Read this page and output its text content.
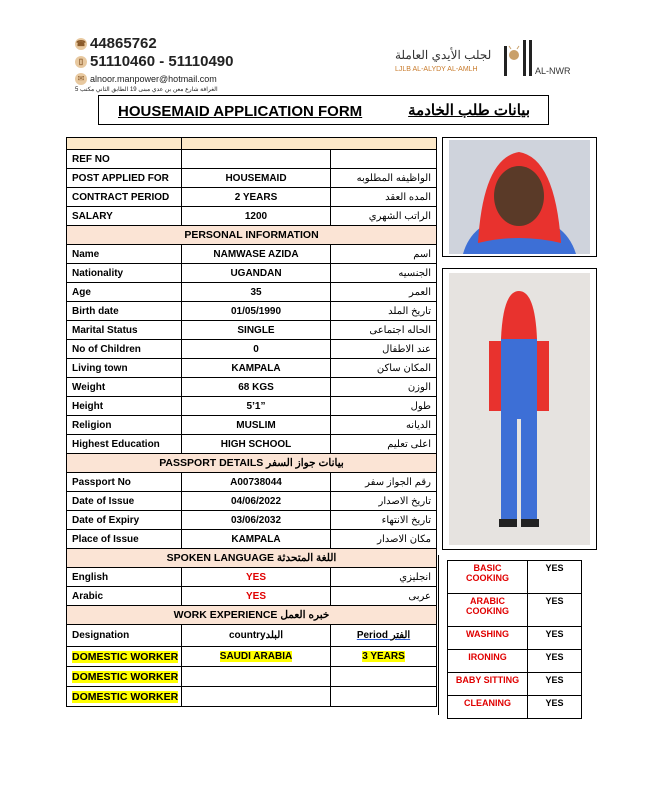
☎ 44865762
▯ 51110460 - 51110490
✉ alnoor.manpower@hotmail.com
الغرافة شارع معن بن عدي مبنى 19 الطابق الثاني مكتب 5
لجلب الأيدي العاملة
LJLB AL-ALYDY AL-AMLH	AL-NWR
HOUSEMAID APPLICATION FORM	بيانات طلب الخادمة

REF NO		
POST APPLIED FOR	HOUSEMAID	الواظيفه المطلوبه
CONTRACT PERIOD	2 YEARS	المده العقد
SALARY	1200	الراتب الشهري
PERSONAL INFORMATION		
Name	NAMWASE AZIDA	اسم
Nationality	UGANDAN	الجنسيه
Age	35	العمر
Birth date	01/05/1990	تاريخ الملد
Marital Status	SINGLE	الحاله اجتماعى
No of Children	0	عند الاطفال
Living town	KAMPALA	المكان ساكن
Weight	68 KGS	الوزن
Height	5’1”	طول
Religion	MUSLIM	الديانه
Highest Education	HIGH SCHOOL	اعلى تعليم
PASSPORT DETAILS بيانات جواز السفر		
Passport No	A00738044	رقم الجواز سفر
Date of Issue	04/06/2022	تاريخ الاصدار
Date of Expiry	03/06/2032	تاريخ الانتهاء
Place of Issue	KAMPALA	مكان الاصدار
SPOKEN LANGUAGE اللغة المتحدثة		
English	YES	انجليزي
Arabic	YES	عربى
WORK EXPERIENCE خبره العمل		
Designation	countryالبلد	Period الفتر
DOMESTIC WORKER	SAUDI ARABIA	3 YEARS
DOMESTIC WORKER		
DOMESTIC WORKER		
BASIC COOKING	YES
ARABIC COOKING	YES
WASHING	YES
IRONING	YES
BABY SITTING	YES
CLEANING	YES
